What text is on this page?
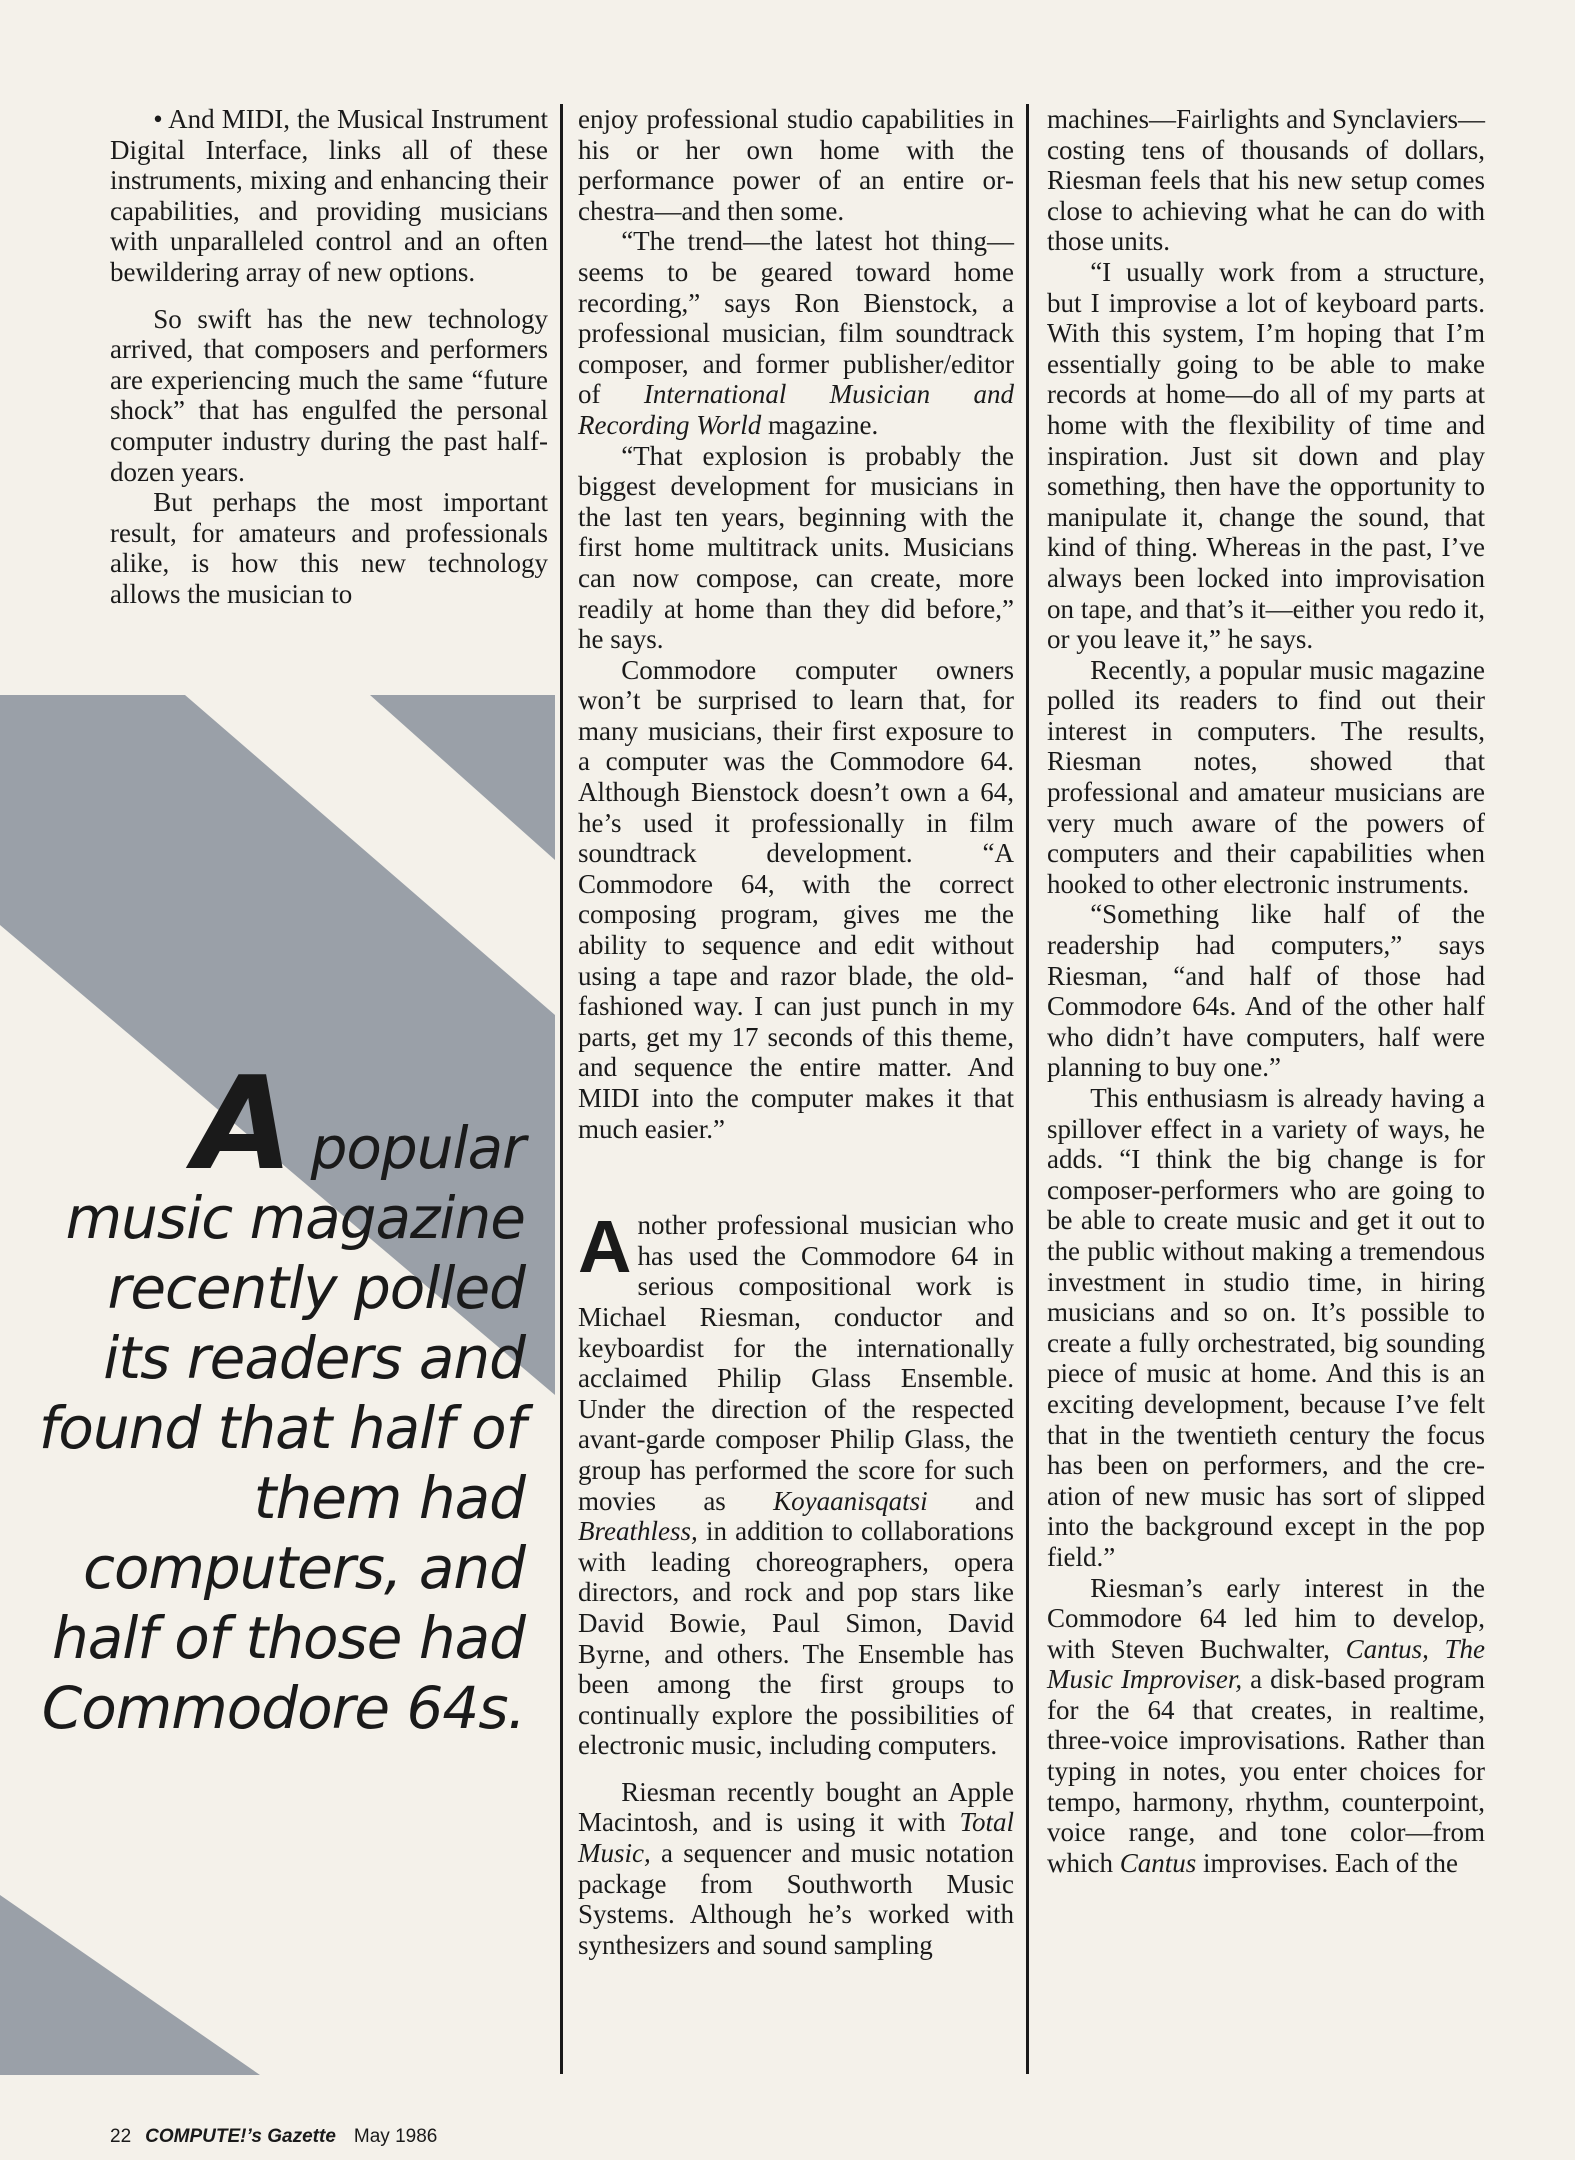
• And MIDI, the Musical Instrument Digital Interface, links all of these instruments, mixing and enhancing their capabilities, and providing musicians with unparalleled control and an often bewildering array of new options.

So swift has the new technology arrived, that composers and performers are experiencing much the same “future shock” that has engulfed the personal computer industry during the past half-dozen years.

But perhaps the most important result, for amateurs and professionals alike, is how this new technology allows the musician to

A popular music magazine recently polled its readers and found that half of them had computers, and half of those had Commodore 64s.

enjoy professional studio capabilities in his or her own home with the performance power of an entire orchestra—and then some.

“The trend—the latest hot thing—seems to be geared toward home recording,” says Ron Bienstock, a professional musician, film soundtrack composer, and former publisher/editor of International Musician and Recording World magazine.

“That explosion is probably the biggest development for musicians in the last ten years, beginning with the first home multitrack units. Musicians can now compose, can create, more readily at home than they did before,” he says.

Commodore computer owners won’t be surprised to learn that, for many musicians, their first exposure to a computer was the Commodore 64. Although Bienstock doesn’t own a 64, he’s used it professionally in film soundtrack development. “A Commodore 64, with the correct composing program, gives me the ability to sequence and edit without using a tape and razor blade, the old-fashioned way. I can just punch in my parts, get my 17 seconds of this theme, and sequence the entire matter. And MIDI into the computer makes it that much easier.”

Another professional musician who has used the Commodore 64 in serious compositional work is Michael Riesman, conductor and keyboardist for the internationally acclaimed Philip Glass Ensemble. Under the direction of the respected avant-garde composer Philip Glass, the group has performed the score for such movies as Koyaanisqatsi and Breathless, in addition to collaborations with leading choreographers, opera directors, and rock and pop stars like David Bowie, Paul Simon, David Byrne, and others. The Ensemble has been among the first groups to continually explore the possibilities of electronic music, including computers.

Riesman recently bought an Apple Macintosh, and is using it with Total Music, a sequencer and music notation package from Southworth Music Systems. Although he’s worked with synthesizers and sound sampling

machines—Fairlights and Synclaviers—costing tens of thousands of dollars, Riesman feels that his new setup comes close to achieving what he can do with those units.

“I usually work from a structure, but I improvise a lot of keyboard parts. With this system, I’m hoping that I’m essentially going to be able to make records at home—do all of my parts at home with the flexibility of time and inspiration. Just sit down and play something, then have the opportunity to manipulate it, change the sound, that kind of thing. Whereas in the past, I’ve always been locked into improvisation on tape, and that’s it—either you redo it, or you leave it,” he says.

Recently, a popular music magazine polled its readers to find out their interest in computers. The results, Riesman notes, showed that professional and amateur musicians are very much aware of the powers of computers and their capabilities when hooked to other electronic instruments.

“Something like half of the readership had computers,” says Riesman, “and half of those had Commodore 64s. And of the other half who didn’t have computers, half were planning to buy one.”

This enthusiasm is already having a spillover effect in a variety of ways, he adds. “I think the big change is for composer-performers who are going to be able to create music and get it out to the public without making a tremendous investment in studio time, in hiring musicians and so on. It’s possible to create a fully orchestrated, big sounding piece of music at home. And this is an exciting development, because I’ve felt that in the twentieth century the focus has been on performers, and the creation of new music has sort of slipped into the background except in the pop field.”

Riesman’s early interest in the Commodore 64 led him to develop, with Steven Buchwalter, Cantus, The Music Improviser, a disk-based program for the 64 that creates, in realtime, three-voice improvisations. Rather than typing in notes, you enter choices for tempo, harmony, rhythm, counterpoint, voice range, and tone color—from which Cantus improvises. Each of the

22 COMPUTE!’s Gazette May 1986
